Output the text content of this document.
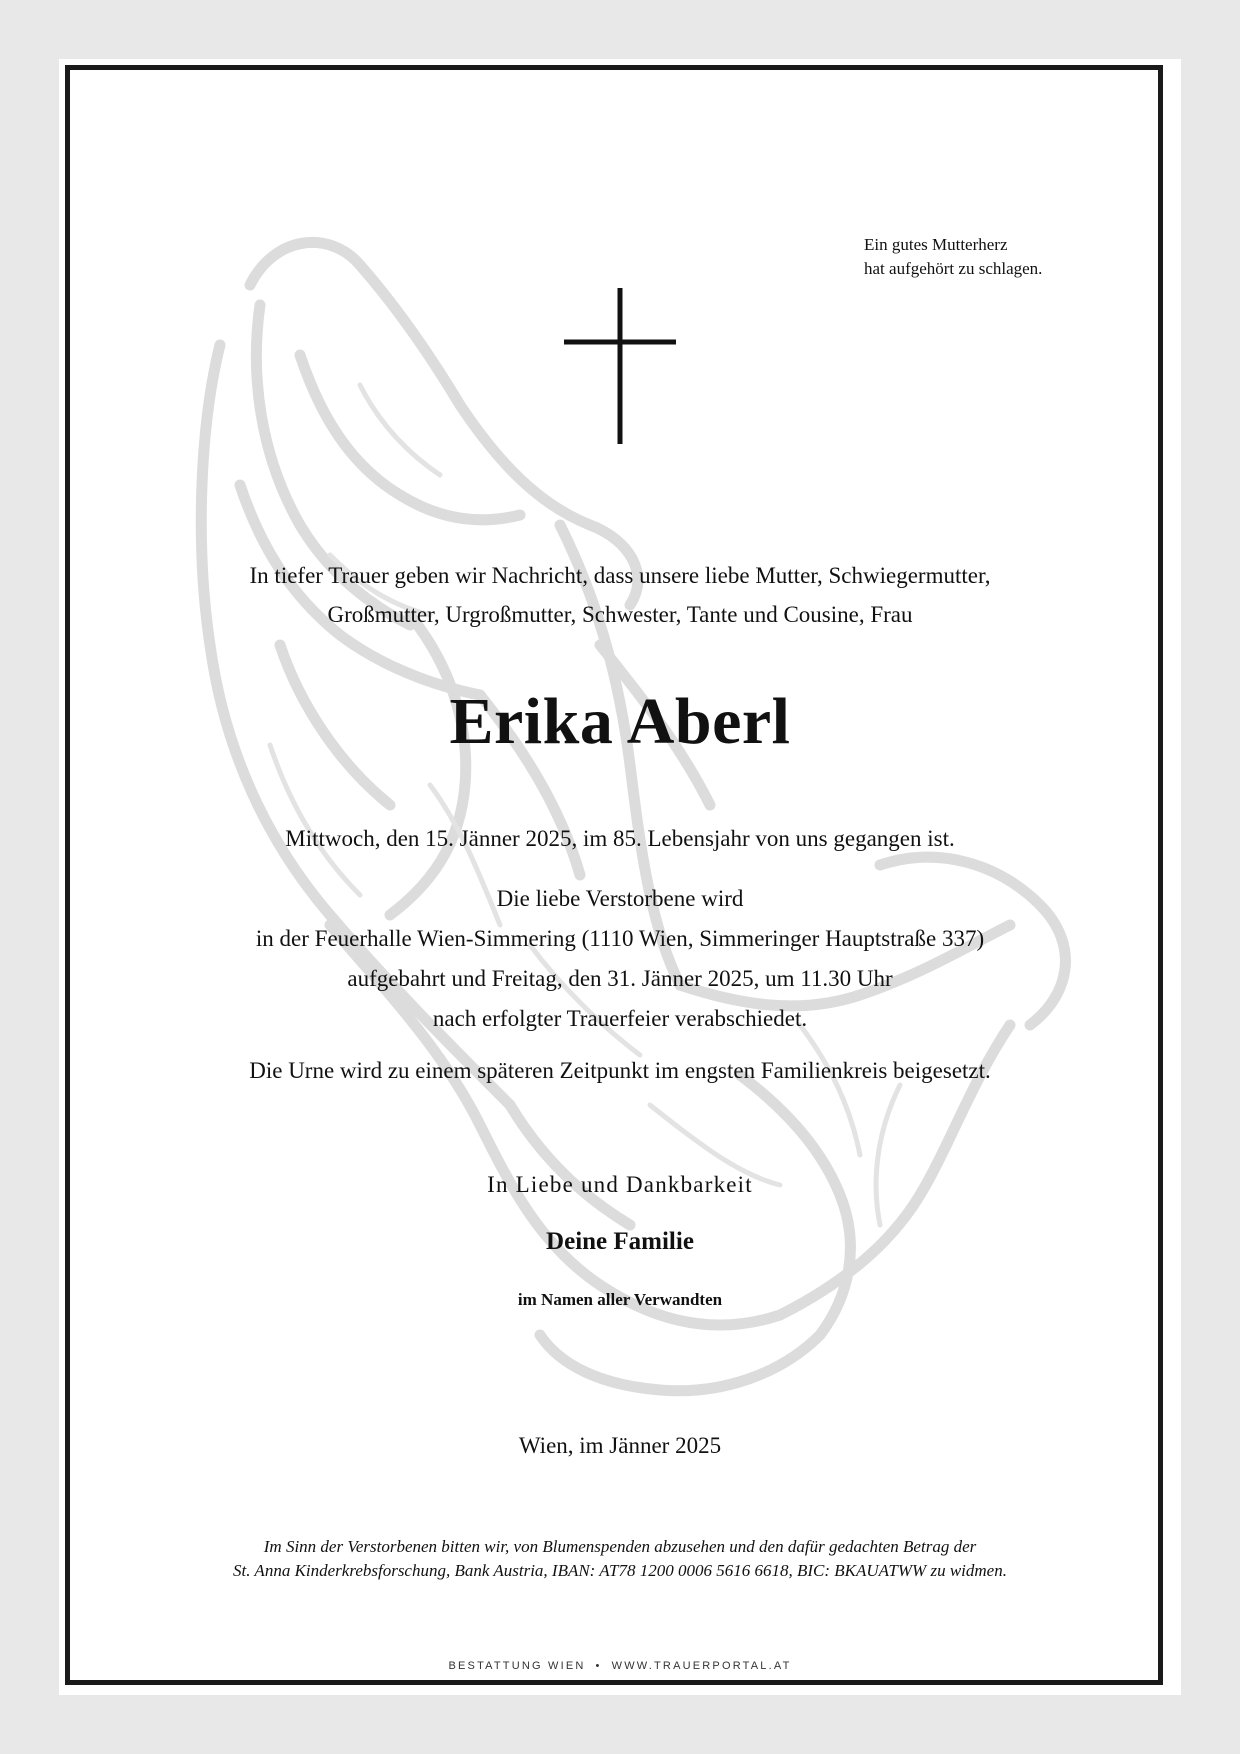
Ein gutes Mutterherz
hat aufgehört zu schlagen.
In tiefer Trauer geben wir Nachricht, dass unsere liebe Mutter, Schwiegermutter,
Großmutter, Urgroßmutter, Schwester, Tante und Cousine, Frau
Erika Aberl
Mittwoch, den 15. Jänner 2025, im 85. Lebensjahr von uns gegangen ist.
Die liebe Verstorbene wird
in der Feuerhalle Wien-Simmering (1110 Wien, Simmeringer Hauptstraße 337)
aufgebahrt und Freitag, den 31. Jänner 2025, um 11.30 Uhr
nach erfolgter Trauerfeier verabschiedet.
Die Urne wird zu einem späteren Zeitpunkt im engsten Familienkreis beigesetzt.
In Liebe und Dankbarkeit
Deine Familie
im Namen aller Verwandten
Wien, im Jänner 2025
Im Sinn der Verstorbenen bitten wir, von Blumenspenden abzusehen und den dafür gedachten Betrag der
St. Anna Kinderkrebsforschung, Bank Austria, IBAN: AT78 1200 0006 5616 6618, BIC: BKAUATWW zu widmen.
BESTATTUNG WIEN • WWW.TRAUERPORTAL.AT
